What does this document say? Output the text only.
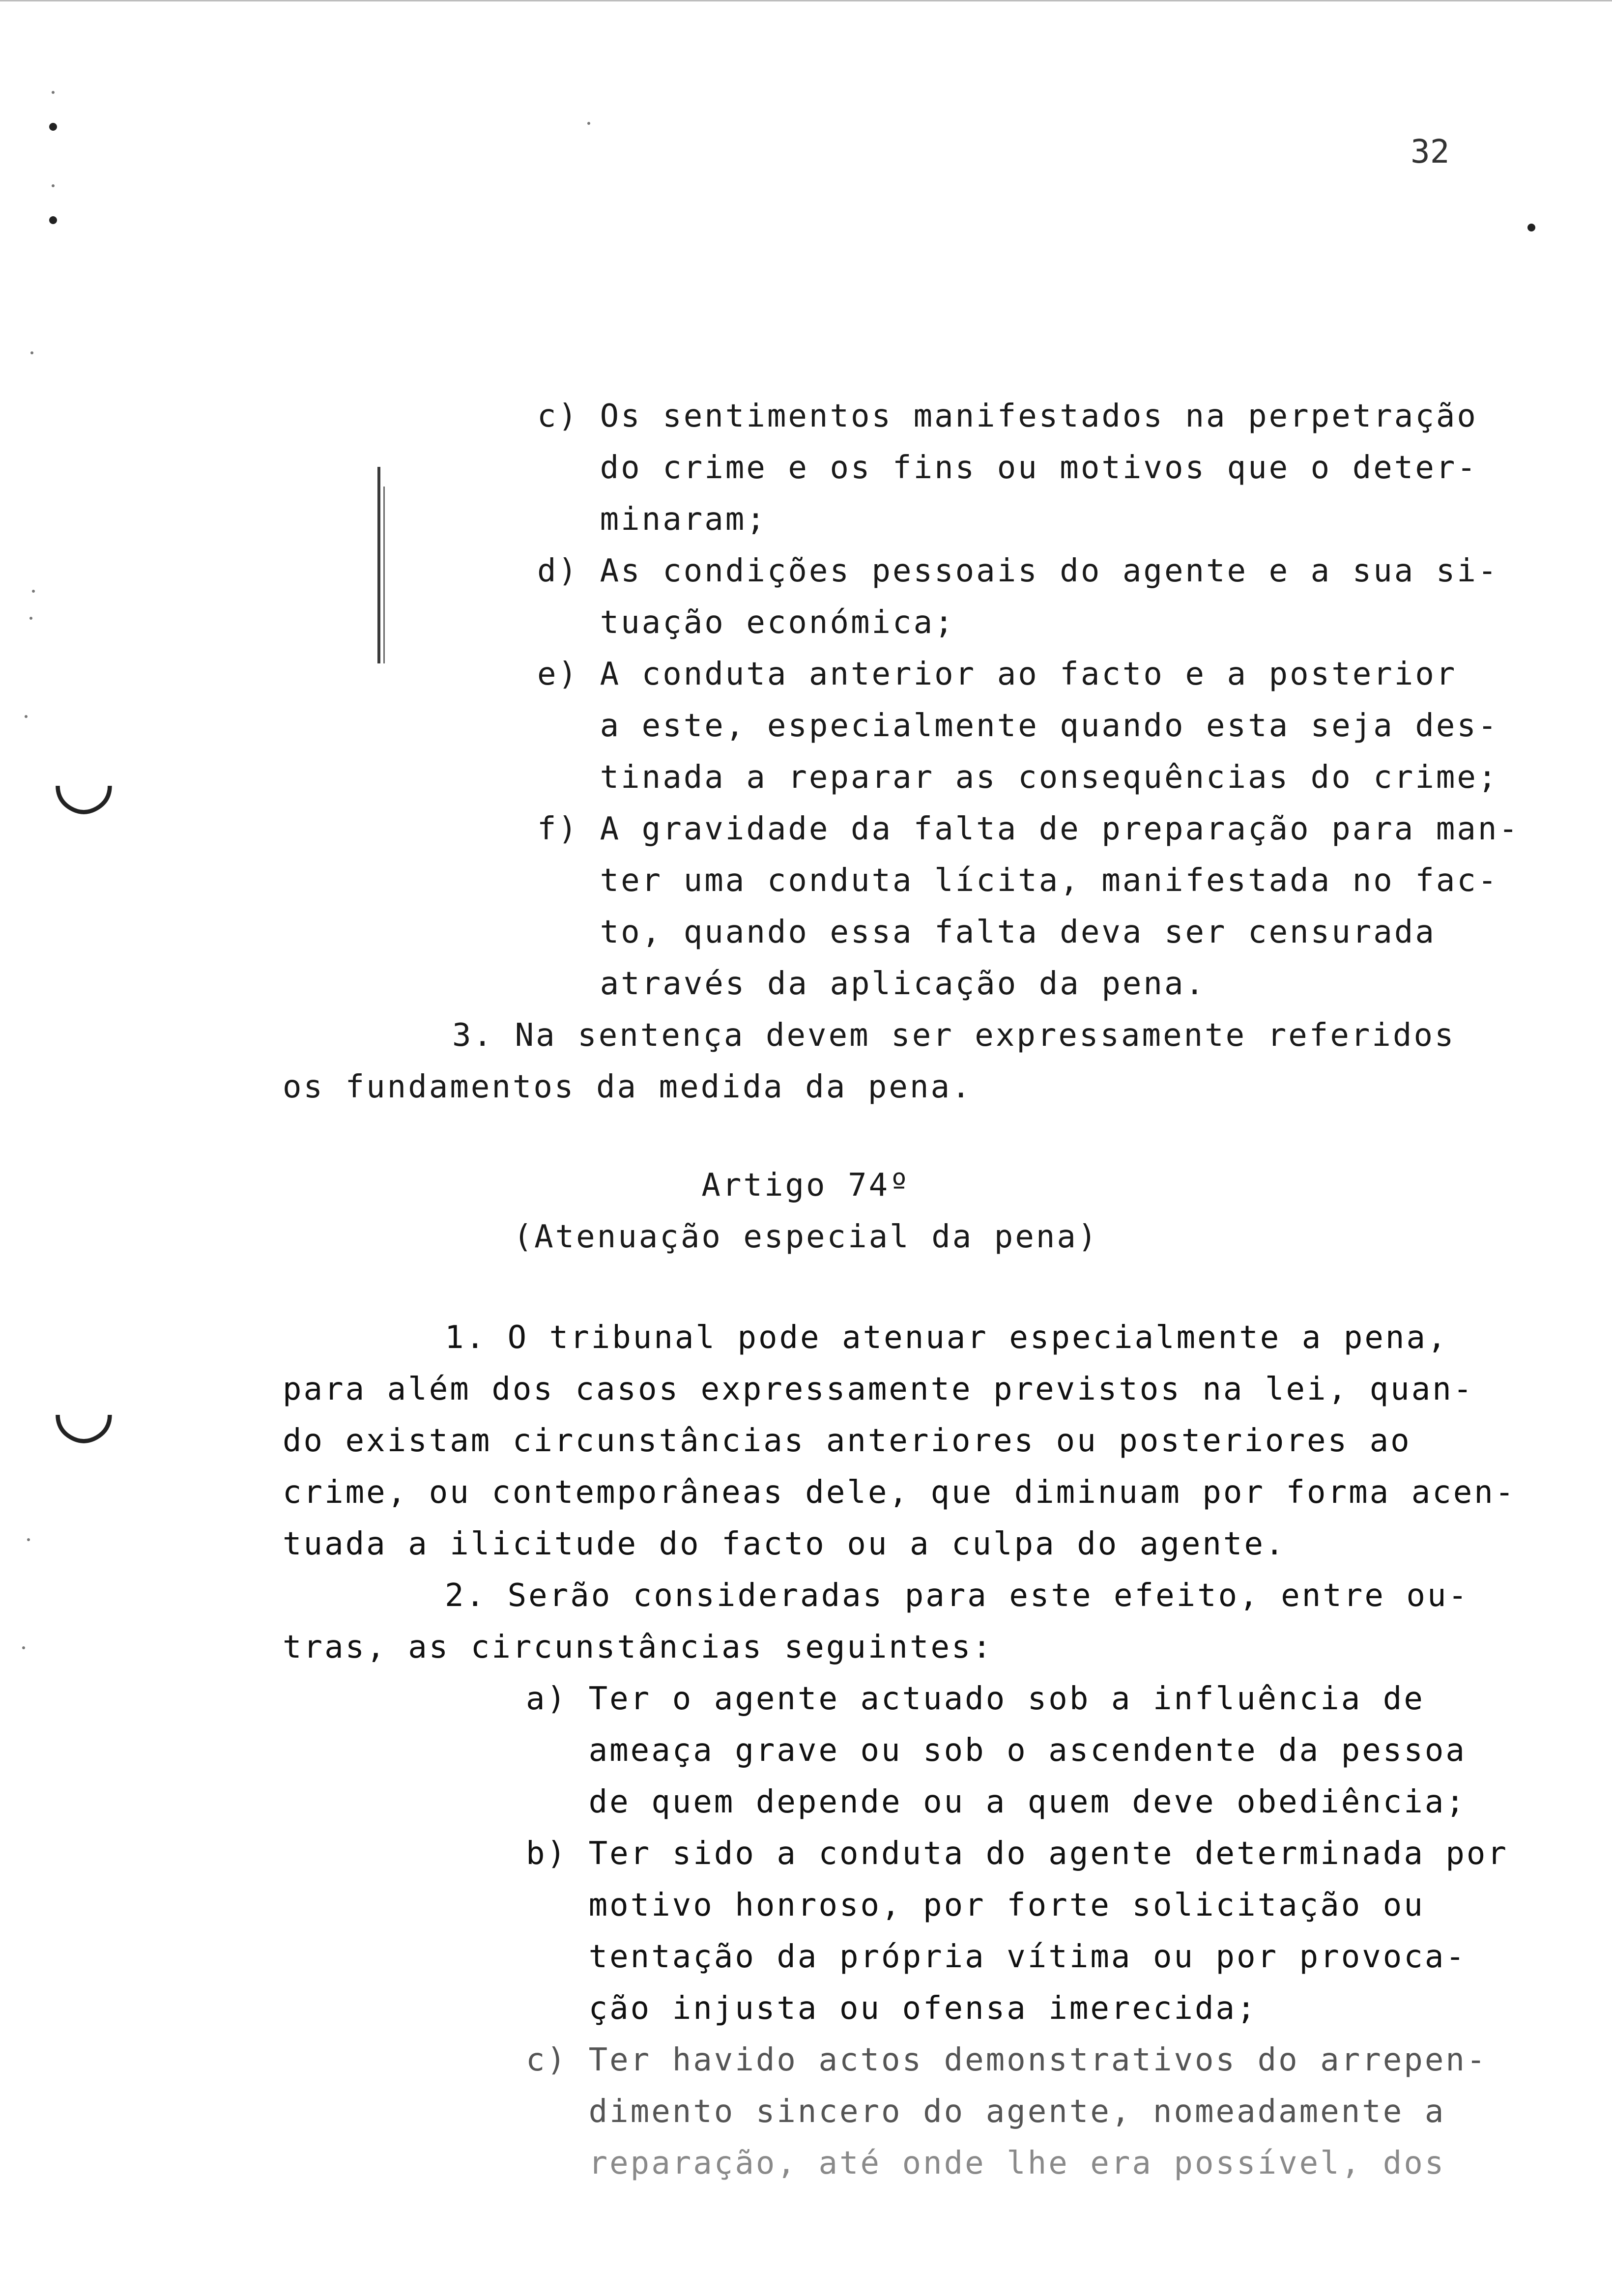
32
◡
◡
c) Os sentimentos manifestados na perpetração
do crime e os fins ou motivos que o deter-
minaram;
d) As condições pessoais do agente e a sua si-
tuação económica;
e) A conduta anterior ao facto e a posterior
a este, especialmente quando esta seja des-
tinada a reparar as consequências do crime;
f) A gravidade da falta de preparação para man-
ter uma conduta lícita, manifestada no fac-
to, quando essa falta deva ser censurada
através da aplicação da pena.
3. Na sentença devem ser expressamente referidos
os fundamentos da medida da pena.
Artigo 74º
(Atenuação especial da pena)
1. O tribunal pode atenuar especialmente a pena,
para além dos casos expressamente previstos na lei, quan-
do existam circunstâncias anteriores ou posteriores ao
crime, ou contemporâneas dele, que diminuam por forma acen-
tuada a ilicitude do facto ou a culpa do agente.
2. Serão consideradas para este efeito, entre ou-
tras, as circunstâncias seguintes:
a) Ter o agente actuado sob a influência de
ameaça grave ou sob o ascendente da pessoa
de quem depende ou a quem deve obediência;
b) Ter sido a conduta do agente determinada por
motivo honroso, por forte solicitação ou
tentação da própria vítima ou por provoca-
ção injusta ou ofensa imerecida;
c) Ter havido actos demonstrativos do arrepen-
dimento sincero do agente, nomeadamente a
reparação, até onde lhe era possível, dos
